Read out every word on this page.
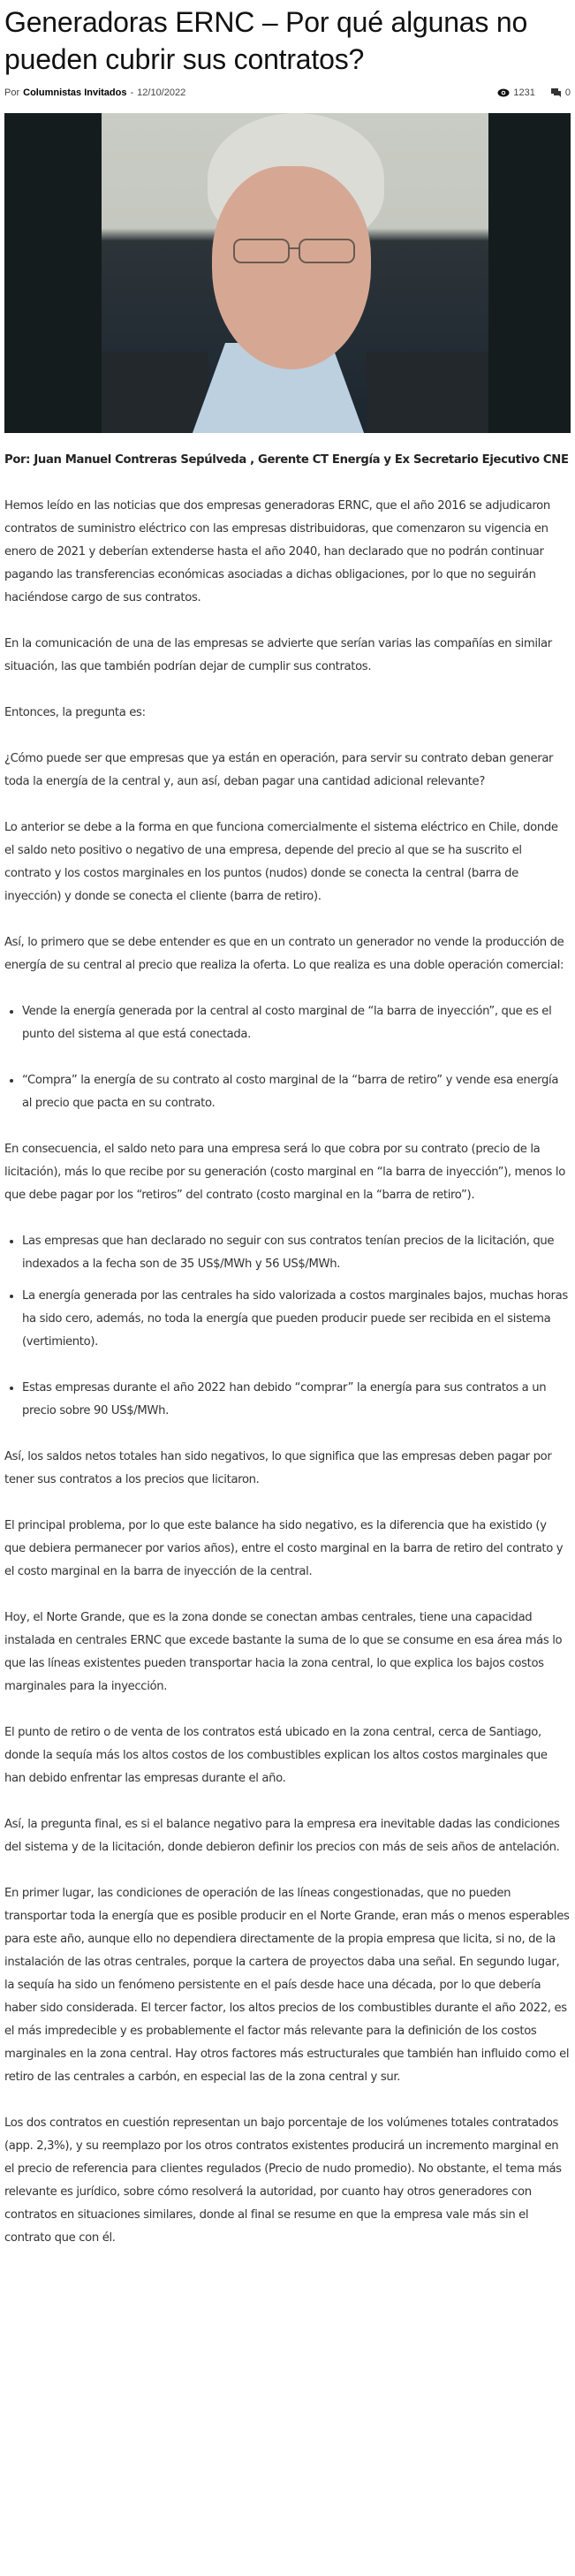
Generadoras ERNC – Por qué algunas no pueden cubrir sus contratos?
Por Columnistas Invitados - 12/10/2022	1231	0
Por: Juan Manuel Contreras Sepúlveda , Gerente CT Energía y Ex Secretario Ejecutivo CNE

Hemos leído en las noticias que dos empresas generadoras ERNC, que el año 2016 se adjudicaron contratos de suministro eléctrico con las empresas distribuidoras, que comenzaron su vigencia en enero de 2021 y deberían extenderse hasta el año 2040, han declarado que no podrán continuar pagando las transferencias económicas asociadas a dichas obligaciones, por lo que no seguirán haciéndose cargo de sus contratos.

En la comunicación de una de las empresas se advierte que serían varias las compañías en similar situación, las que también podrían dejar de cumplir sus contratos.

Entonces, la pregunta es:

¿Cómo puede ser que empresas que ya están en operación, para servir su contrato deban generar toda la energía de la central y, aun así, deban pagar una cantidad adicional relevante?

Lo anterior se debe a la forma en que funciona comercialmente el sistema eléctrico en Chile, donde el saldo neto positivo o negativo de una empresa, depende del precio al que se ha suscrito el contrato y los costos marginales en los puntos (nudos) donde se conecta la central (barra de inyección) y donde se conecta el cliente (barra de retiro).

Así, lo primero que se debe entender es que en un contrato un generador no vende la producción de energía de su central al precio que realiza la oferta. Lo que realiza es una doble operación comercial:

• Vende la energía generada por la central al costo marginal de “la barra de inyección”, que es el punto del sistema al que está conectada.
• “Compra” la energía de su contrato al costo marginal de la “barra de retiro” y vende esa energía al precio que pacta en su contrato.

En consecuencia, el saldo neto para una empresa será lo que cobra por su contrato (precio de la licitación), más lo que recibe por su generación (costo marginal en “la barra de inyección”), menos lo que debe pagar por los “retiros” del contrato (costo marginal en la “barra de retiro”).

• Las empresas que han declarado no seguir con sus contratos tenían precios de la licitación, que indexados a la fecha son de 35 US$/MWh y 56 US$/MWh.
• La energía generada por las centrales ha sido valorizada a costos marginales bajos, muchas horas ha sido cero, además, no toda la energía que pueden producir puede ser recibida en el sistema (vertimiento).
• Estas empresas durante el año 2022 han debido “comprar” la energía para sus contratos a un precio sobre 90 US$/MWh.

Así, los saldos netos totales han sido negativos, lo que significa que las empresas deben pagar por tener sus contratos a los precios que licitaron.

El principal problema, por lo que este balance ha sido negativo, es la diferencia que ha existido (y que debiera permanecer por varios años), entre el costo marginal en la barra de retiro del contrato y el costo marginal en la barra de inyección de la central.

Hoy, el Norte Grande, que es la zona donde se conectan ambas centrales, tiene una capacidad instalada en centrales ERNC que excede bastante la suma de lo que se consume en esa área más lo que las líneas existentes pueden transportar hacia la zona central, lo que explica los bajos costos marginales para la inyección.

El punto de retiro o de venta de los contratos está ubicado en la zona central, cerca de Santiago, donde la sequía más los altos costos de los combustibles explican los altos costos marginales que han debido enfrentar las empresas durante el año.

Así, la pregunta final, es si el balance negativo para la empresa era inevitable dadas las condiciones del sistema y de la licitación, donde debieron definir los precios con más de seis años de antelación.

En primer lugar, las condiciones de operación de las líneas congestionadas, que no pueden transportar toda la energía que es posible producir en el Norte Grande, eran más o menos esperables para este año, aunque ello no dependiera directamente de la propia empresa que licita, si no, de la instalación de las otras centrales, porque la cartera de proyectos daba una señal. En segundo lugar, la sequía ha sido un fenómeno persistente en el país desde hace una década, por lo que debería haber sido considerada. El tercer factor, los altos precios de los combustibles durante el año 2022, es el más impredecible y es probablemente el factor más relevante para la definición de los costos marginales en la zona central. Hay otros factores más estructurales que también han influido como el retiro de las centrales a carbón, en especial las de la zona central y sur.

Los dos contratos en cuestión representan un bajo porcentaje de los volúmenes totales contratados (app. 2,3%), y su reemplazo por los otros contratos existentes producirá un incremento marginal en el precio de referencia para clientes regulados (Precio de nudo promedio). No obstante, el tema más relevante es jurídico, sobre cómo resolverá la autoridad, por cuanto hay otros generadores con contratos en situaciones similares, donde al final se resume en que la empresa vale más sin el contrato que con él.
